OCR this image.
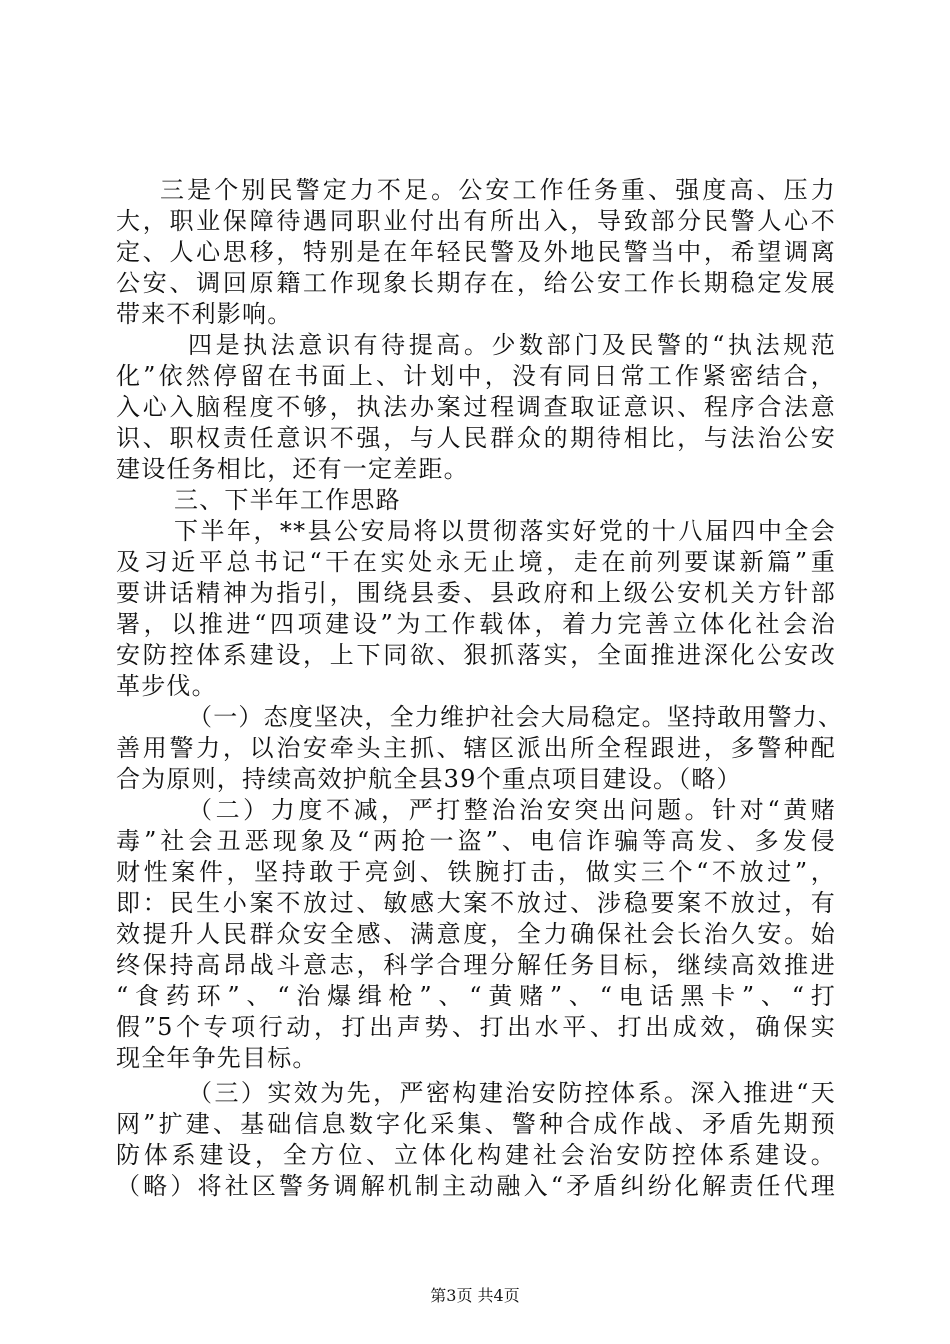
三是个别民警定力不足。公安工作任务重、强度高、压力
大，职业保障待遇同职业付出有所出入，导致部分民警人心不
定、人心思移，特别是在年轻民警及外地民警当中，希望调离
公安、调回原籍工作现象长期存在，给公安工作长期稳定发展
带来不利影响。
四是执法意识有待提高。少数部门及民警的“执法规范
化”依然停留在书面上、计划中，没有同日常工作紧密结合，
入心入脑程度不够，执法办案过程调查取证意识、程序合法意
识、职权责任意识不强，与人民群众的期待相比，与法治公安
建设任务相比，还有一定差距。
三、下半年工作思路
下半年，**县公安局将以贯彻落实好党的十八届四中全会
及习近平总书记“干在实处永无止境，走在前列要谋新篇”重
要讲话精神为指引，围绕县委、县政府和上级公安机关方针部
署，以推进“四项建设”为工作载体，着力完善立体化社会治
安防控体系建设，上下同欲、狠抓落实，全面推进深化公安改
革步伐。
（一）态度坚决，全力维护社会大局稳定。坚持敢用警力、
善用警力，以治安牵头主抓、辖区派出所全程跟进，多警种配
合为原则，持续高效护航全县39个重点项目建设。（略）
（二）力度不减，严打整治治安突出问题。针对“黄赌
毒”社会丑恶现象及“两抢一盗”、电信诈骗等高发、多发侵
财性案件，坚持敢于亮剑、铁腕打击，做实三个“不放过”，
即：民生小案不放过、敏感大案不放过、涉稳要案不放过，有
效提升人民群众安全感、满意度，全力确保社会长治久安。始
终保持高昂战斗意志，科学合理分解任务目标，继续高效推进
“食药环”、“治爆缉枪”、“黄赌”、“电话黑卡”、“打
假”5个专项行动，打出声势、打出水平、打出成效，确保实
现全年争先目标。
（三）实效为先，严密构建治安防控体系。深入推进“天
网”扩建、基础信息数字化采集、警种合成作战、矛盾先期预
防体系建设，全方位、立体化构建社会治安防控体系建设。
（略）将社区警务调解机制主动融入“矛盾纠纷化解责任代理
第3页 共4页
